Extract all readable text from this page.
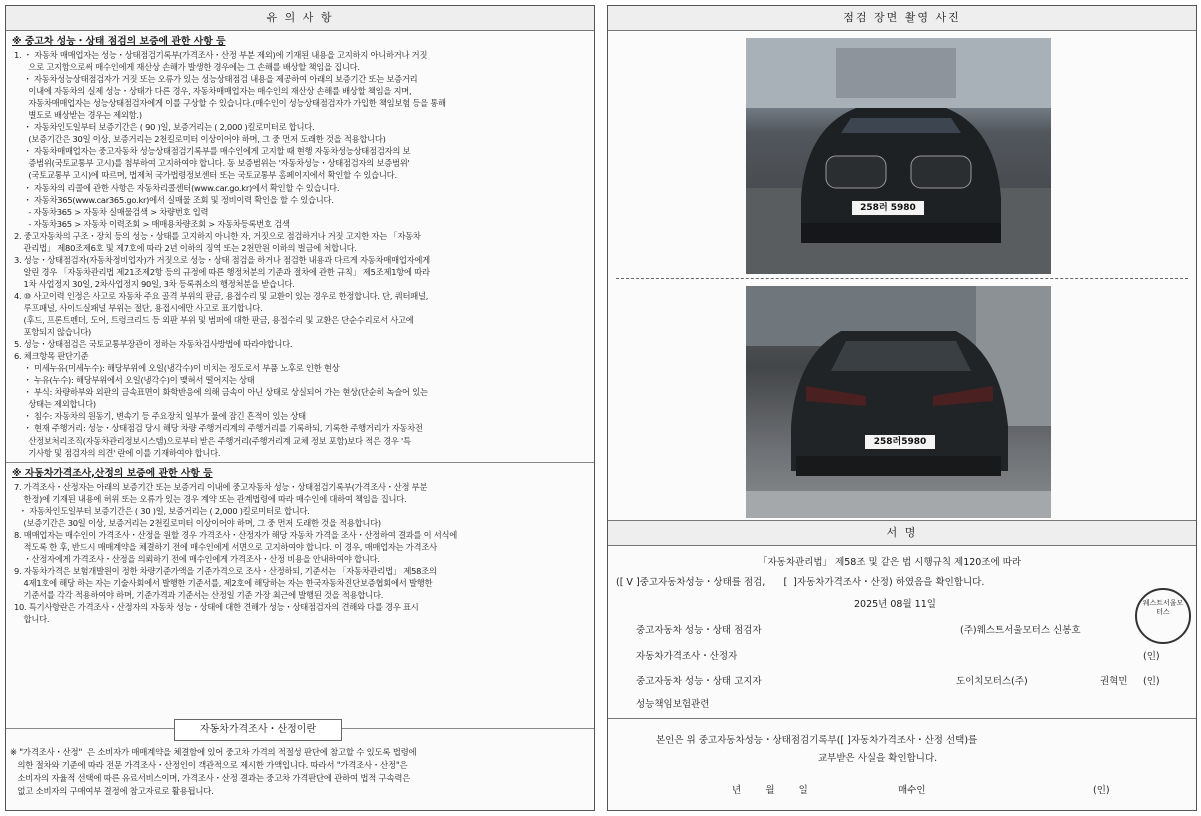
유 의 사 항
※ 중고차 성능・상태 점검의 보증에 관한 사항 등
1. ・ 자동차 매매업자는 성능・상태점검기록부(가격조사・산정 부분 제외)에 기재된 내용을 고지하지 아니하거나 거짓
으로 고지함으로써 매수인에게 재산상 손해가 발생한 경우에는 그 손해를 배상할 책임을 집니다.
・ 자동차성능상태점검자가 거짓 또는 오류가 있는 성능상태점검 내용을 제공하여 아래의 보증기간 또는 보증거리
이내에 자동차의 실제 성능・상태가 다른 경우, 자동차매매업자는 매수인의 재산상 손해를 배상할 책임을 지며,
자동차매매업자는 성능상태점검자에게 이를 구상할 수 있습니다.(매수인이 성능상태점검자가 가입한 책임보험 등을 통해
별도로 배상받는 경우는 제외함.)
・ 자동차인도일부터 보증기간은 ( 90 )일, 보증거리는 ( 2,000 )킬로미터로 합니다.
(보증기간은 30일 이상, 보증거리는 2천킬로미터 이상이어야 하며, 그 중 먼저 도래한 것을 적용합니다)
・ 자동차매매업자는 중고자동차 성능상태점검기록부를 매수인에게 고지할 때 현행 자동차성능상태점검자의 보
증범위(국토교통부 고시)를 첨부하여 고지하여야 합니다. 동 보증범위는 '자동차성능・상태점검자의 보증범위'
(국토교통부 고시)에 따르며, 법제처 국가법령정보센터 또는 국토교통부 홈페이지에서 확인할 수 있습니다.
・ 자동차의 리콜에 관한 사항은 자동차리콜센터(www.car.go.kr)에서 확인할 수 있습니다.
・ 자동차365(www.car365.go.kr)에서 실매물 조회 및 정비이력 확인을 할 수 있습니다.
- 자동차365 > 자동차 실매물검색 > 차량번호 입력
- 자동차365 > 자동차 이력조회 > 매매용차량조회 > 자동차등록번호 검색
2. 중고자동차의 구조・장치 등의 성능・상태를 고지하지 아니한 자, 거짓으로 점검하거나 거짓 고지한 자는 「자동차
관리법」 제80조제6호 및 제7호에 따라 2년 이하의 징역 또는 2천만원 이하의 벌금에 처합니다.
3. 성능・상태점검자(자동차정비업자)가 거짓으로 성능・상태 점검을 하거나 점검한 내용과 다르게 자동차매매업자에게
알린 경우 「자동차관리법 제21조제2항 등의 규정에 따른 행정처분의 기준과 절차에 관한 규칙」 제5조제1항에 따라
1차 사업정지 30일, 2차사업정지 90일, 3차 등록취소의 행정처분을 받습니다.
4. ⑩ 사고이력 인정은 사고로 자동차 주요 골격 부위의 판금, 용접수리 및 교환이 있는 경우로 한정합니다. 단, 쿼터패널,
루프패널, 사이드실패널 부위는 절단, 용접시에만 사고로 표기합니다.
(후드, 프론트펜더, 도어, 트렁크리드 등 외판 부위 및 범퍼에 대한 판금, 용접수리 및 교환은 단순수리로서 사고에
포함되지 않습니다)
5. 성능・상태점검은 국토교통부장관이 정하는 자동차검사방법에 따라야합니다.
6. 체크항목 판단기준
・ 미세누유(미세누수): 해당부위에 오일(냉각수)이 비치는 정도로서 부품 노후로 인한 현상
・ 누유(누수): 해당부위에서 오일(냉각수)이 맺혀서 떨어지는 상태
・ 부식: 차량하부와 외판의 금속표면이 화학반응에 의해 금속이 아닌 상태로 상실되어 가는 현상(단순히 녹슬어 있는
상태는 제외합니다)
・ 침수: 자동차의 원동기, 변속기 등 주요장치 일부가 물에 잠긴 흔적이 있는 상태
・ 현재 주행거리: 성능・상태점검 당시 해당 차량 주행거리계의 주행거리를 기록하되, 기록한 주행거리가 자동차전
산정보처리조직(자동차관리정보시스템)으로부터 받은 주행거리(주행거리계 교체 정보 포함)보다 적은 경우 '특
기사항 및 점검자의 의견' 란에 이를 기재하여야 합니다.
※ 자동차가격조사,산정의 보증에 관한 사항 등
7. 가격조사・산정자는 아래의 보증기간 또는 보증거리 이내에 중고자동차 성능・상태점검기록부(가격조사・산정 부분
한정)에 기재된 내용에 허위 또는 오류가 있는 경우 계약 또는 관계법령에 따라 매수인에 대하여 책임을 집니다.
・ 자동차인도일부터 보증기간은 ( 30 )일, 보증거리는 ( 2,000 )킬로미터로 합니다.
(보증기간은 30일 이상, 보증거리는 2천킬로미터 이상이어야 하며, 그 중 먼저 도래한 것을 적용합니다)
8. 매매업자는 매수인이 가격조사・산정을 원할 경우 가격조사・산정자가 해당 자동차 가격을 조사・산정하여 결과를 이 서식에
적도록 한 후, 반드시 매매계약을 체결하기 전에 매수인에게 서면으로 고지하여야 합니다. 이 경우, 매매업자는 가격조사
・산정자에게 가격조사・산정을 의뢰하기 전에 매수인에게 가격조사・산정 비용을 안내하여야 합니다.
9. 자동차가격은 보험개발원이 정한 차량기준가액을 기준가격으로 조사・산정하되, 기준서는 「자동차관리법」 제58조의
4제1호에 해당 하는 자는 기술사회에서 발행한 기준서를, 제2호에 해당하는 자는 한국자동차진단보증협회에서 발행한
기준서를 각각 적용하여야 하며, 기준가격과 기준서는 산정일 기준 가장 최근에 발행된 것을 적용합니다.
10. 특기사항란은 가격조사・산정자의 자동차 성능・상태에 대한 견해가 성능・상태점검자의 견해와 다를 경우 표시
합니다.
자동차가격조사・산정이란
※ "가격조사・산정"  은 소비자가 매매계약을 체결함에 있어 중고차 가격의 적절성 판단에 참고할 수 있도록 법령에
의한 절차와 기준에 따라 전문 가격조사・산정인이 객관적으로 제시한 가액입니다. 따라서 "가격조사・산정"은
소비자의 자율적 선택에 따른 유료서비스이며, 가격조사・산정 결과는 중고차 가격판단에 관하여 법적 구속력은
없고 소비자의 구매여부 결정에 참고자료로 활용됩니다.
점검 장면 촬영 사진
258러 5980
258러5980
서 명
「자동차관리법」 제58조 및 같은 법 시행규칙 제120조에 따라
([ V ]중고자동차성능・상태를 점검,      [  ]자동차가격조사・산정) 하였음을 확인합니다.
2025년 08월 11일
중고자동차 성능・상태 점검자	(주)웨스트서울모터스 신봉호
자동차가격조사・산정자	(인)
중고자동차 성능・상태 고지자	도이치모터스(주)	권혁민 (인)
성능책임보험관련
웨스트서울모터스
본인은 위 중고자동차성능・상태점검기록부([ ]자동차가격조사・산정 선택)를
교부받은 사실을 확인합니다.
년        월        일	매수인	(인)
